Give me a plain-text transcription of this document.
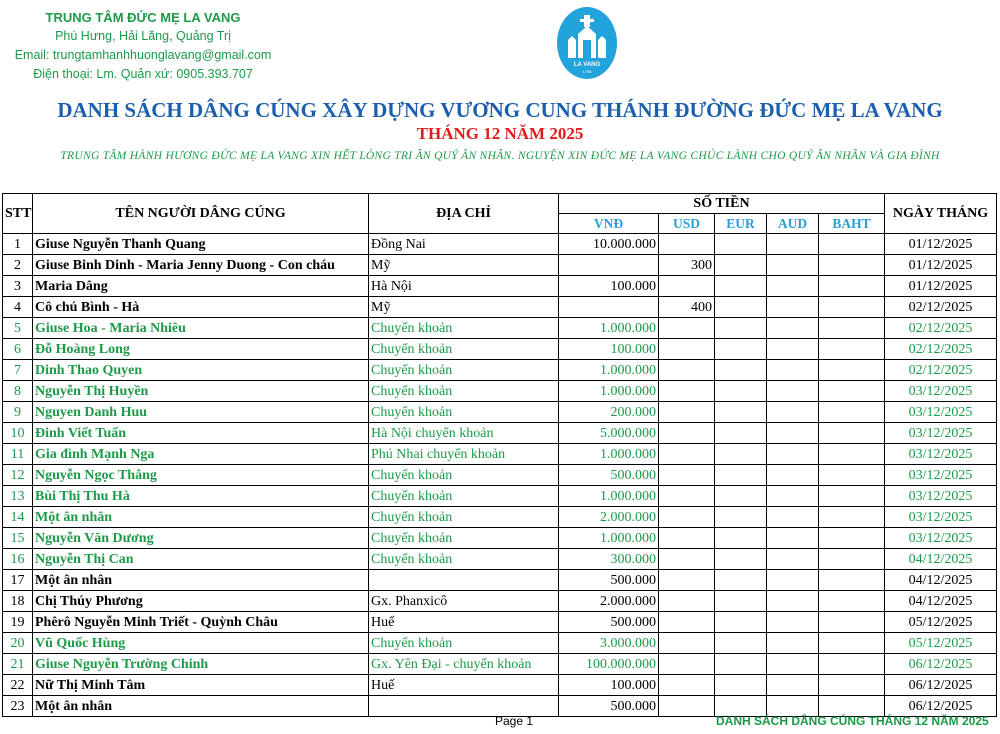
TRUNG TÂM ĐỨC MẸ LA VANG
Phú Hưng, Hải Lăng, Quảng Trị
Email: trungtamhanhhuonglavang@gmail.com
Điện thoại: Lm. Quản xứ: 0905.393.707
LA VANG
1798
DANH SÁCH DÂNG CÚNG XÂY DỰNG VƯƠNG CUNG THÁNH ĐƯỜNG ĐỨC MẸ LA VANG
THÁNG 12 NĂM 2025
TRUNG TÂM HÀNH HƯƠNG ĐỨC MẸ LA VANG XIN HẾT LÒNG TRI ÂN QUÝ ÂN NHÂN. NGUYỆN XIN ĐỨC MẸ LA VANG CHÚC LÀNH CHO QUÝ ÂN NHÂN VÀ GIA ĐÌNH
STT	TÊN NGƯỜI DÂNG CÚNG	ĐỊA CHỈ	SỐ TIỀN					NGÀY THÁNG
			VNĐ	USD	EUR	AUD	BAHT	
1	Giuse Nguyễn Thanh Quang	Đồng Nai	10.000.000					01/12/2025
2	Giuse Binh Dinh - Maria Jenny Duong - Con cháu	Mỹ		300				01/12/2025
3	Maria Dâng	Hà Nội	100.000					01/12/2025
4	Cô chú Bình - Hà	Mỹ		400				02/12/2025
5	Giuse Hoa - Maria Nhiêu	Chuyển khoản	1.000.000					02/12/2025
6	Đỗ Hoàng Long	Chuyển khoản	100.000					02/12/2025
7	Dinh Thao Quyen	Chuyển khoản	1.000.000					02/12/2025
8	Nguyễn Thị Huyền	Chuyển khoản	1.000.000					03/12/2025
9	Nguyen Danh Huu	Chuyển khoản	200.000					03/12/2025
10	Đinh Viết Tuấn	Hà Nội chuyển khoản	5.000.000					03/12/2025
11	Gia đình Mạnh Nga	Phú Nhai chuyển khoản	1.000.000					03/12/2025
12	Nguyễn Ngọc Thắng	Chuyển khoản	500.000					03/12/2025
13	Bùi Thị Thu Hà	Chuyển khoản	1.000.000					03/12/2025
14	Một ân nhân	Chuyển khoản	2.000.000					03/12/2025
15	Nguyễn Văn Dương	Chuyển khoản	1.000.000					03/12/2025
16	Nguyễn Thị Can	Chuyển khoản	300.000					04/12/2025
17	Một ân nhân		500.000					04/12/2025
18	Chị Thúy Phương	Gx. Phanxicô	2.000.000					04/12/2025
19	Phêrô Nguyễn Minh Triết - Quỳnh Châu	Huế	500.000					05/12/2025
20	Vũ Quốc Hùng	Chuyển khoản	3.000.000					05/12/2025
21	Giuse Nguyễn Trường Chinh	Gx. Yên Đại - chuyển khoản	100.000.000					06/12/2025
22	Nữ Thị Minh Tâm	Huế	100.000					06/12/2025
23	Một ân nhân		500.000					06/12/2025
Page 1	DANH SÁCH DÂNG CÚNG THÁNG 12 NĂM 2025
